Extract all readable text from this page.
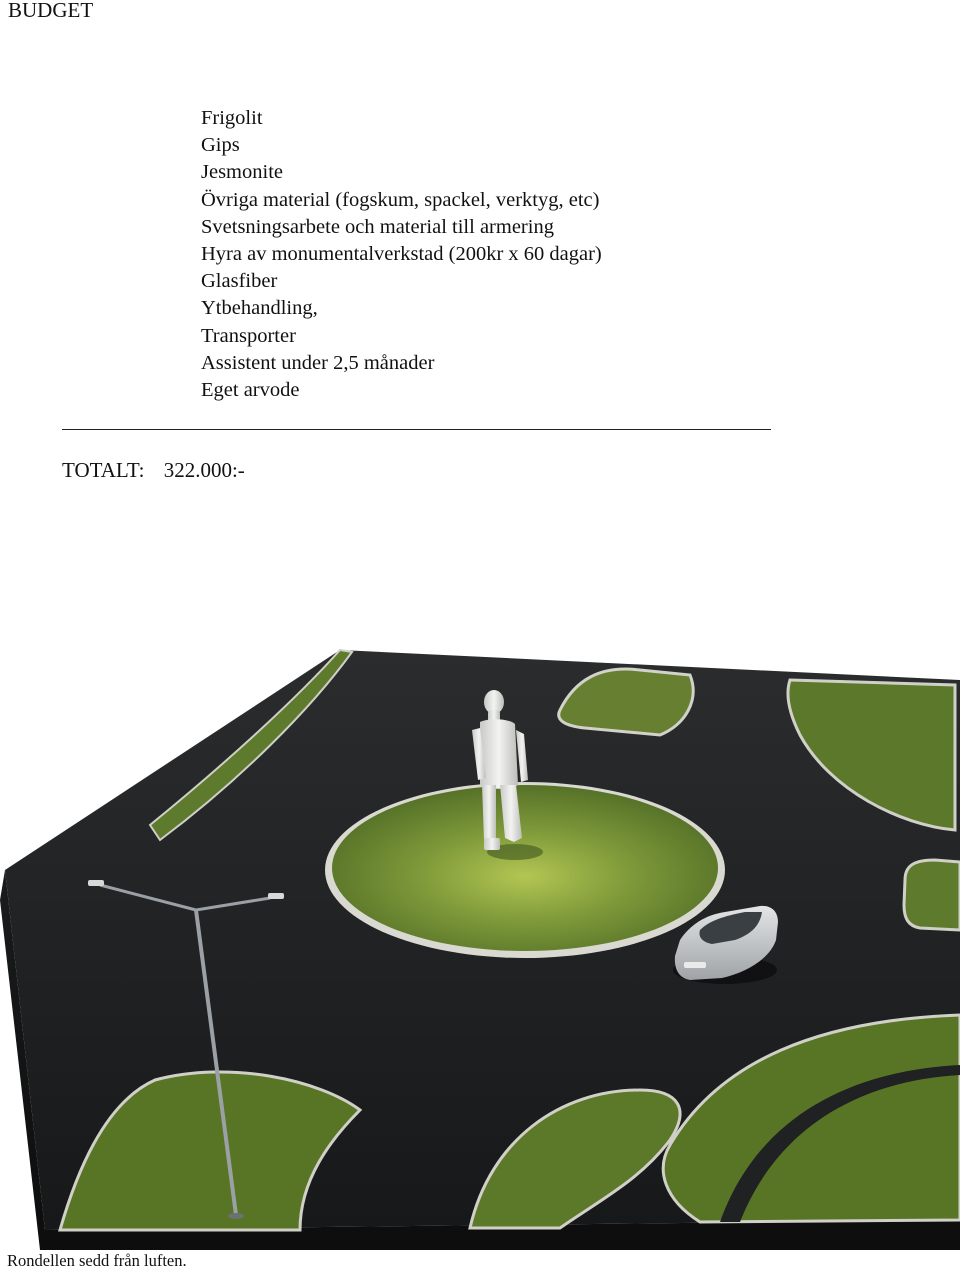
BUDGET
Frigolit
Gips
Jesmonite
Övriga material (fogskum, spackel, verktyg, etc)
Svetsningsarbete och material till armering
Hyra av monumentalverkstad (200kr x 60 dagar)
Glasfiber
Ytbehandling,
Transporter
Assistent under 2,5 månader
Eget arvode
TOTALT: 322.000:-
Rondellen sedd från luften.
